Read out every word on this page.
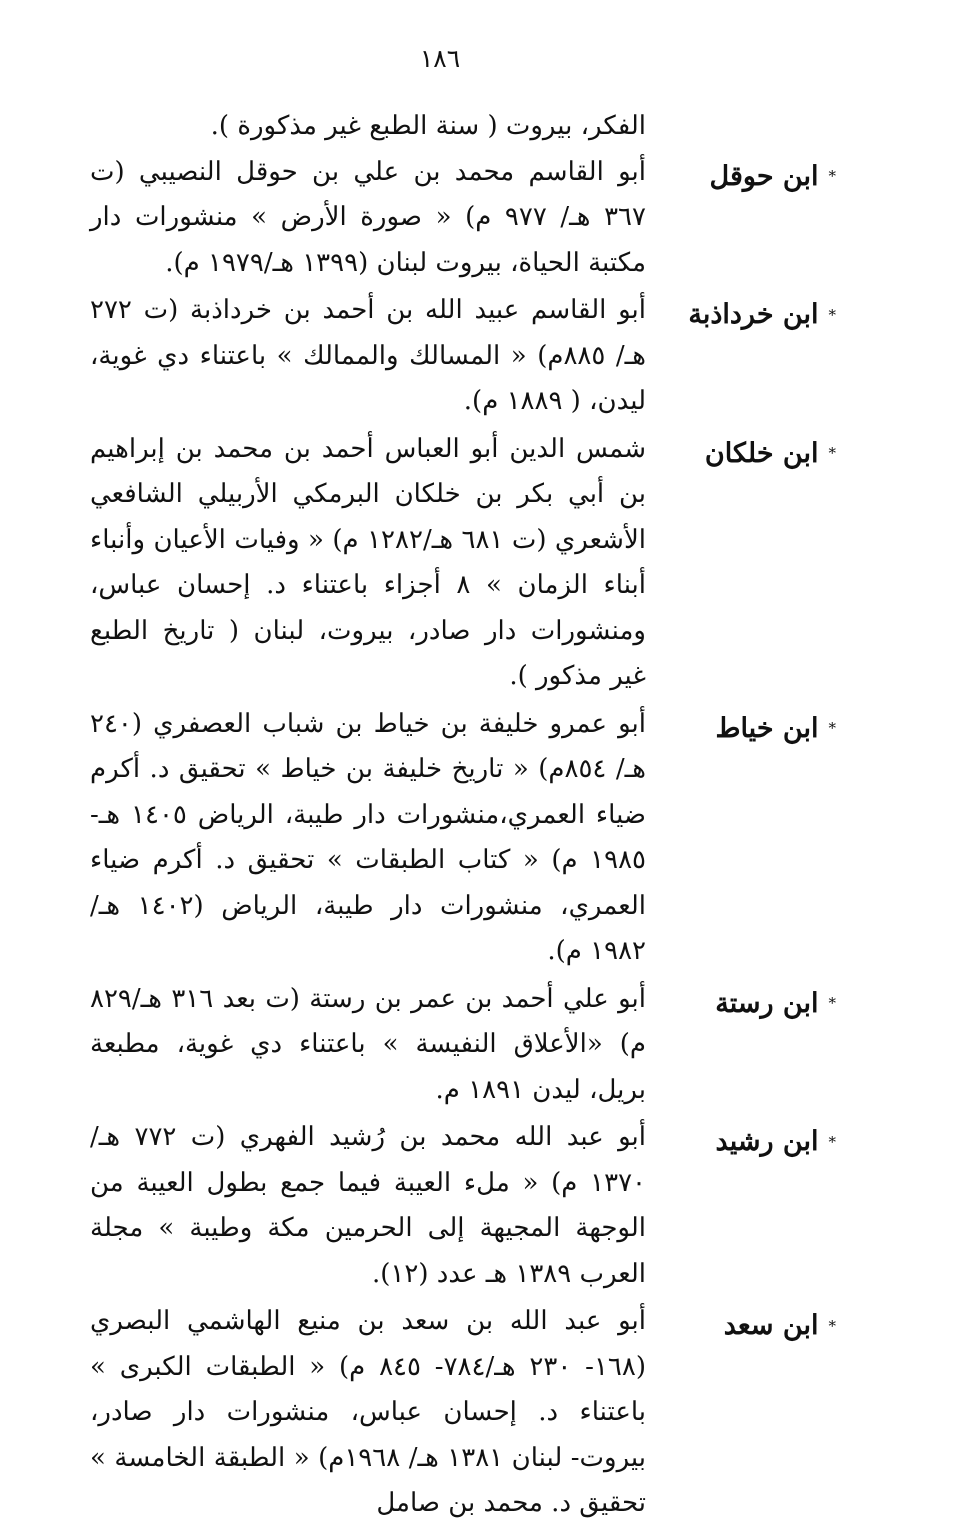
١٨٦
الفكر، بيروت ( سنة الطبع غير مذكورة ).
*ابن حوقل
أبو القاسم محمد بن علي بن حوقل النصيبي (ت ٣٦٧ هـ/ ٩٧٧ م) « صورة الأرض » منشورات دار مكتبة الحياة، بيروت لبنان (١٣٩٩ هـ/١٩٧٩ م).
*ابن خرداذبة
أبو القاسم عبيد الله بن أحمد بن خرداذبة (ت ٢٧٢ هـ/ ٨٨٥م) « المسالك والممالك » باعتناء دي غوية، ليدن، ( ١٨٨٩ م).
*ابن خلكان
شمس الدين أبو العباس أحمد بن محمد بن إبراهيم بن أبي بكر بن خلكان البرمكي الأربيلي الشافعي الأشعري (ت ٦٨١ هـ/١٢٨٢ م) « وفيات الأعيان وأنباء أبناء الزمان » ٨ أجزاء باعتناء د. إحسان عباس، ومنشورات دار صادر، بيروت، لبنان ( تاريخ الطبع غير مذكور ).
*ابن خياط
أبو عمرو خليفة بن خياط بن شباب العصفري (٢٤٠ هـ/ ٨٥٤م) « تاريخ خليفة بن خياط » تحقيق د. أكرم ضياء العمري،منشورات دار طيبة، الرياض ١٤٠٥ هـ- ١٩٨٥ م) « كتاب الطبقات » تحقيق د. أكرم ضياء العمري، منشورات دار طيبة، الرياض (١٤٠٢ هـ/١٩٨٢ م).
*ابن رستة
أبو علي أحمد بن عمر بن رستة (ت بعد ٣١٦ هـ/٨٢٩ م) «الأعلاق النفيسة » باعتناء دي غوية، مطبعة بريل، ليدن ١٨٩١ م.
*ابن رشيد
أبو عبد الله محمد بن رُشيد الفهري (ت ٧٧٢ هـ/١٣٧٠ م) « ملء العيبة فيما جمع بطول العيبة من الوجهة المجيهة إلى الحرمين مكة وطيبة » مجلة العرب ١٣٨٩ هـ عدد (١٢).
*ابن سعد
أبو عبد الله بن سعد بن منيع الهاشمي البصري (١٦٨- ٢٣٠ هـ/٧٨٤- ٨٤٥ م) « الطبقات الكبرى » باعتناء د. إحسان عباس، منشورات دار صادر، بيروت- لبنان ١٣٨١ هـ/ ١٩٦٨م) « الطبقة الخامسة » تحقيق د. محمد بن صامل
